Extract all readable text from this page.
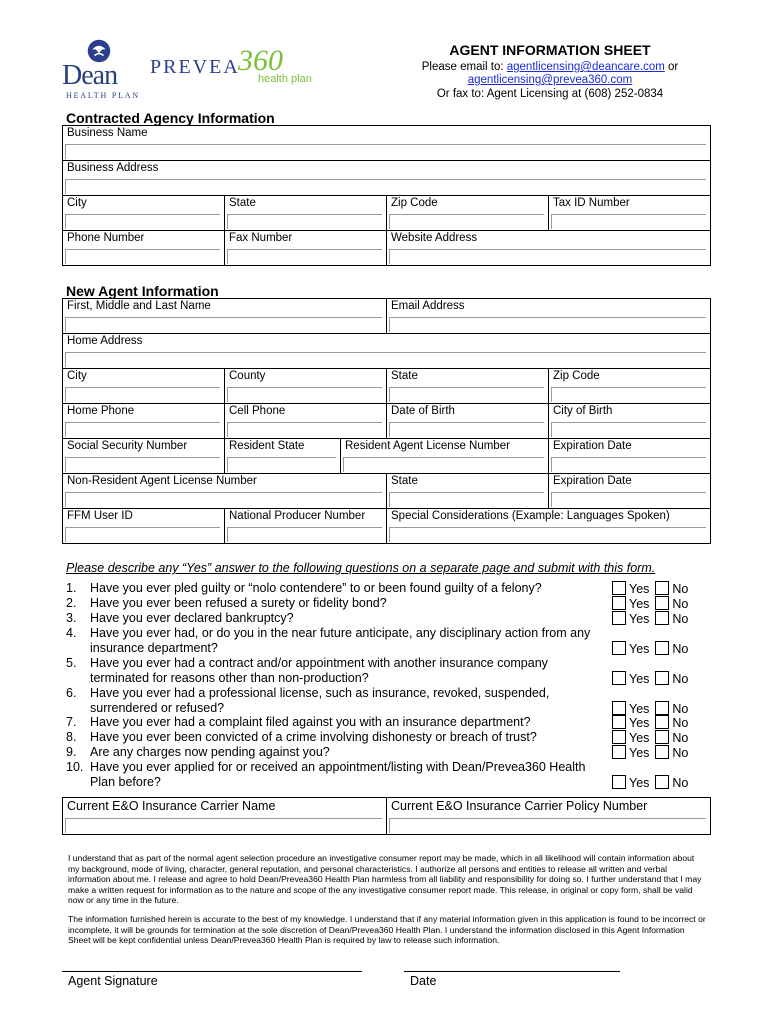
Dean
HEALTH PLAN
PREVEA
360
health plan
AGENT INFORMATION SHEET
Please email to: agentlicensing@deancare.com or
agentlicensing@prevea360.com
Or fax to: Agent Licensing at (608) 252-0834
Contracted Agency Information
Business Name			

Business Address			

City	State	Zip Code	Tax ID Number

Phone Number	Fax Number	Website Address	
New Agent Information
First, Middle and Last Name			Email Address	

Home Address				

City	County		State	Zip Code

Home Phone	Cell Phone		Date of Birth	City of Birth

Social Security Number	Resident State	Resident Agent License Number		Expiration Date

Non-Resident Agent License Number			State	Expiration Date

FFM User ID	National Producer Number		Special Considerations (Example: Languages Spoken)	
Please describe any “Yes” answer to the following questions on a separate page and submit with this form.
1.	Have you ever pled guilty or “nolo contendere” to or been found guilty of a felony?	Yes No
2.	Have you ever been refused a surety or fidelity bond?	Yes No
3.	Have you ever declared bankruptcy?	Yes No
4.	Have you ever had, or do you in the near future anticipate, any disciplinary action from any insurance department?	Yes No
5.	Have you ever had a contract and/or appointment with another insurance company terminated for reasons other than non-production?	Yes No
6.	Have you ever had a professional license, such as insurance, revoked, suspended, surrendered or refused?	Yes No
7.	Have you ever had a complaint filed against you with an insurance department?	Yes No
8.	Have you ever been convicted of a crime involving dishonesty or breach of trust?	Yes No
9.	Are any charges now pending against you?	Yes No
10. Have you ever applied for or received an appointment/listing with Dean/Prevea360 Health Plan before?	Yes No
Current E&O Insurance Carrier Name	Current E&O Insurance Carrier Policy Number
I understand that as part of the normal agent selection procedure an investigative consumer report may be made, which in all likelihood will contain information about my background, mode of living, character, general reputation, and personal characteristics. I authorize all persons and entities to release all written and verbal information about me. I release and agree to hold Dean/Prevea360 Health Plan harmless from all liability and responsibility for doing so. I further understand that I may make a written request for information as to the nature and scope of the any investigative consumer report made. This release, in original or copy form, shall be valid now or any time in the future.
The information furnished herein is accurate to the best of my knowledge. I understand that if any material information given in this application is found to be incorrect or incomplete, it will be grounds for termination at the sole discretion of Dean/Prevea360 Health Plan. I understand the information disclosed in this Agent Information Sheet will be kept confidential unless Dean/Prevea360 Health Plan is required by law to release such information.
Agent Signature	Date
